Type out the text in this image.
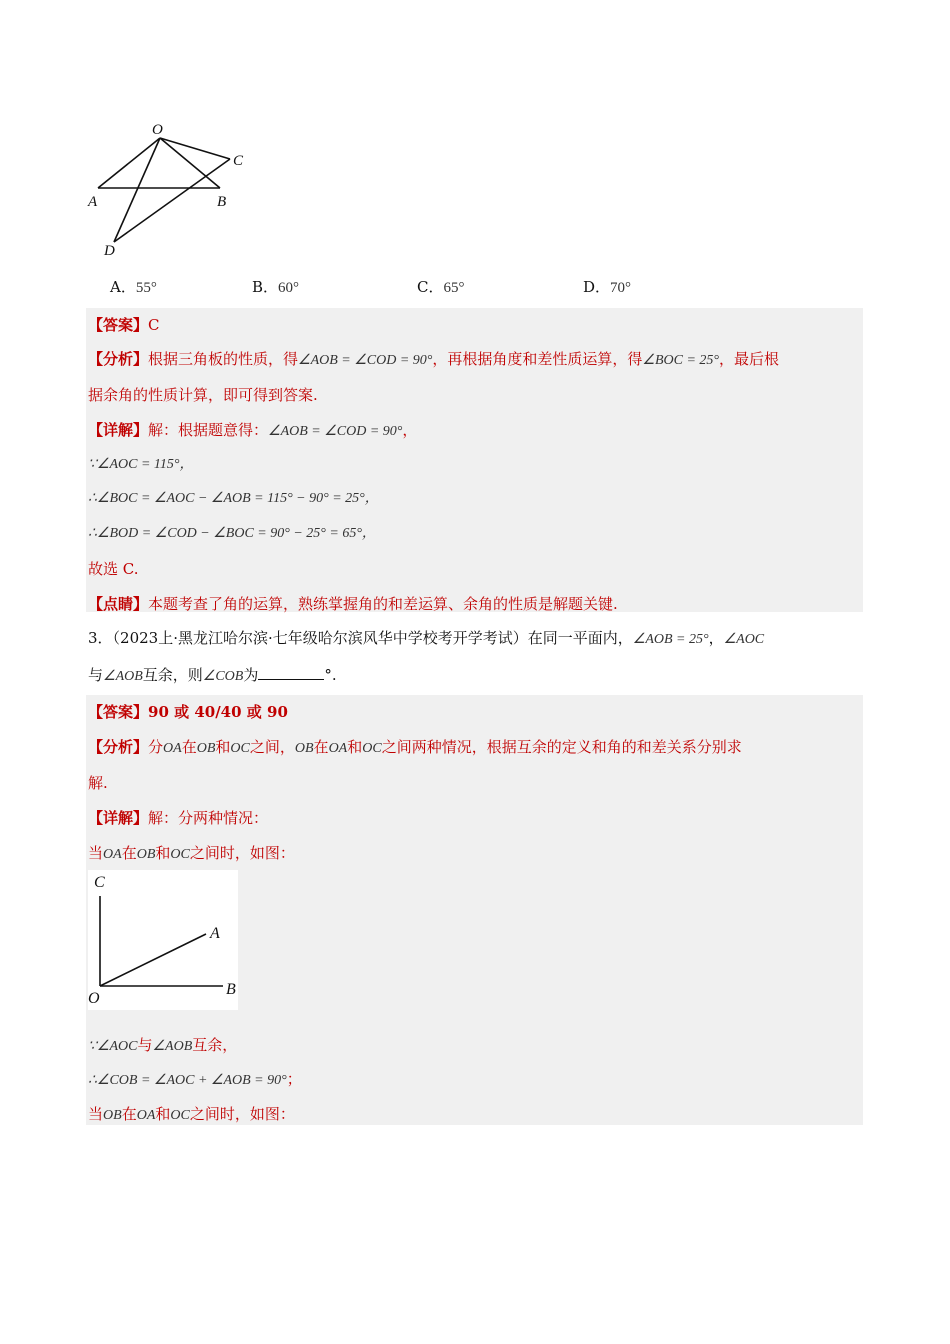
O
A	B
C
D
A．55°	B．60°	C．65°	D．70°
【答案】C
【分析】根据三角板的性质，得∠AOB = ∠COD = 90°，再根据角度和差性质运算，得∠BOC = 25°，最后根
据余角的性质计算，即可得到答案.
【详解】解：根据题意得：∠AOB = ∠COD = 90°，
∵∠AOC = 115°，
∴∠BOC = ∠AOC − ∠AOB = 115° − 90° = 25°，
∴∠BOD = ∠COD − ∠BOC = 90° − 25° = 65°，
故选 C.
【点睛】本题考查了角的运算，熟练掌握角的和差运算、余角的性质是解题关键.
3．（2023上·黑龙江哈尔滨·七年级哈尔滨风华中学校考开学考试）在同一平面内，∠AOB = 25°，∠AOC
与∠AOB互余，则∠COB为	°.
【答案】90 或 40/40 或 90
【分析】分OA在OB和OC之间，OB在OA和OC之间两种情况，根据互余的定义和角的和差关系分别求
解.
【详解】解：分两种情况：
当OA在OB和OC之间时，如图：
C
A
O
B
∵∠AOC与∠AOB互余，
∴∠COB = ∠AOC + ∠AOB = 90°；
当OB在OA和OC之间时，如图：
